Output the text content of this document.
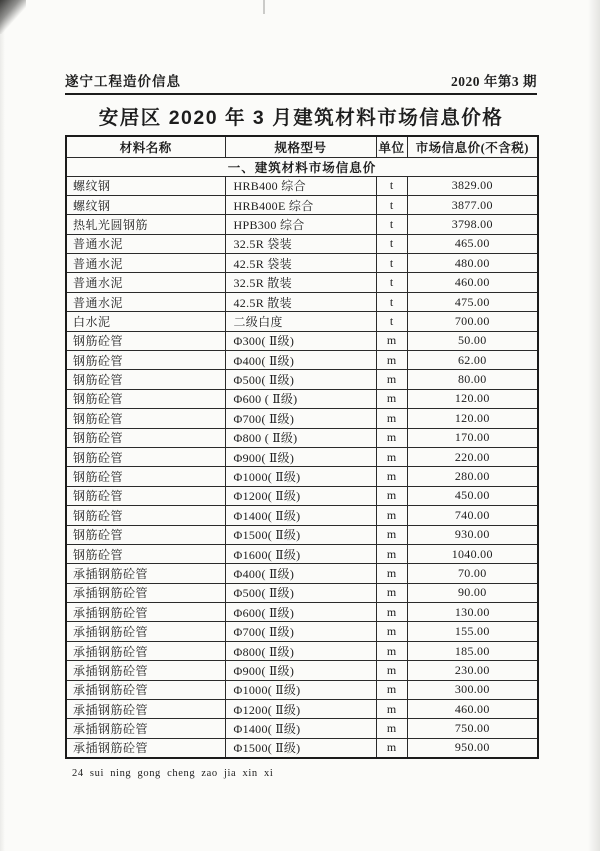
遂宁工程造价信息	2020 年第3 期
安居区 2020 年 3 月建筑材料市场信息价格
材料名称	规格型号	单位	市场信息价(不含税)
一、建筑材料市场信息价			
螺纹钢	HRB400 综合	t	3829.00
螺纹钢	HRB400E 综合	t	3877.00
热轧光圆钢筋	HPB300 综合	t	3798.00
普通水泥	32.5R 袋装	t	465.00
普通水泥	42.5R 袋装	t	480.00
普通水泥	32.5R 散装	t	460.00
普通水泥	42.5R 散装	t	475.00
白水泥	二级白度	t	700.00
钢筋砼管	Φ300( Ⅱ级)	m	50.00
钢筋砼管	Φ400( Ⅱ级)	m	62.00
钢筋砼管	Φ500( Ⅱ级)	m	80.00
钢筋砼管	Φ600 ( Ⅱ级)	m	120.00
钢筋砼管	Φ700( Ⅱ级)	m	120.00
钢筋砼管	Φ800 ( Ⅱ级)	m	170.00
钢筋砼管	Φ900( Ⅱ级)	m	220.00
钢筋砼管	Φ1000( Ⅱ级)	m	280.00
钢筋砼管	Φ1200( Ⅱ级)	m	450.00
钢筋砼管	Φ1400( Ⅱ级)	m	740.00
钢筋砼管	Φ1500( Ⅱ级)	m	930.00
钢筋砼管	Φ1600( Ⅱ级)	m	1040.00
承插钢筋砼管	Φ400( Ⅱ级)	m	70.00
承插钢筋砼管	Φ500( Ⅱ级)	m	90.00
承插钢筋砼管	Φ600( Ⅱ级)	m	130.00
承插钢筋砼管	Φ700( Ⅱ级)	m	155.00
承插钢筋砼管	Φ800( Ⅱ级)	m	185.00
承插钢筋砼管	Φ900( Ⅱ级)	m	230.00
承插钢筋砼管	Φ1000( Ⅱ级)	m	300.00
承插钢筋砼管	Φ1200( Ⅱ级)	m	460.00
承插钢筋砼管	Φ1400( Ⅱ级)	m	750.00
承插钢筋砼管	Φ1500( Ⅱ级)	m	950.00
24 sui ning gong cheng zao jia xin xi
